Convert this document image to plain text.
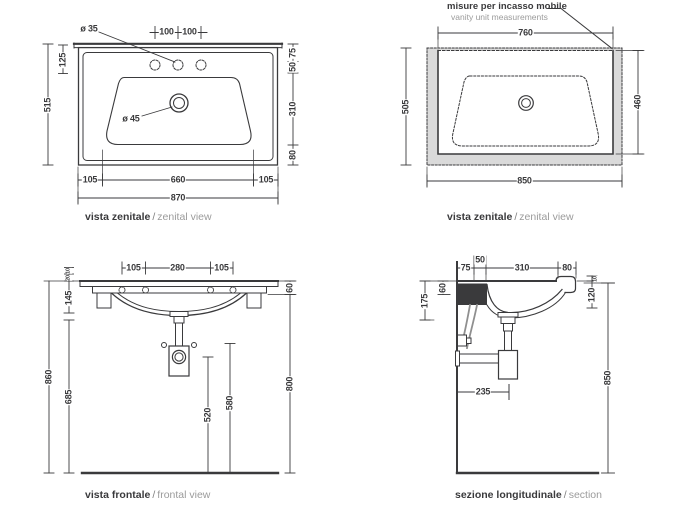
ø 35	100 100
515
125	75
50
310
80
ø 45
105	660	105
870
vista zenitale / zenital view
misure per incasso mobile
vanity unit measurements
760
505	460
850
vista zenitale / zenital view
105	280	105
10
20
145
860
685
60
800
520
580
vista frontale / frontal view
75
50
310	80
60
175
10
120
850
235
sezione longitudinale / section
